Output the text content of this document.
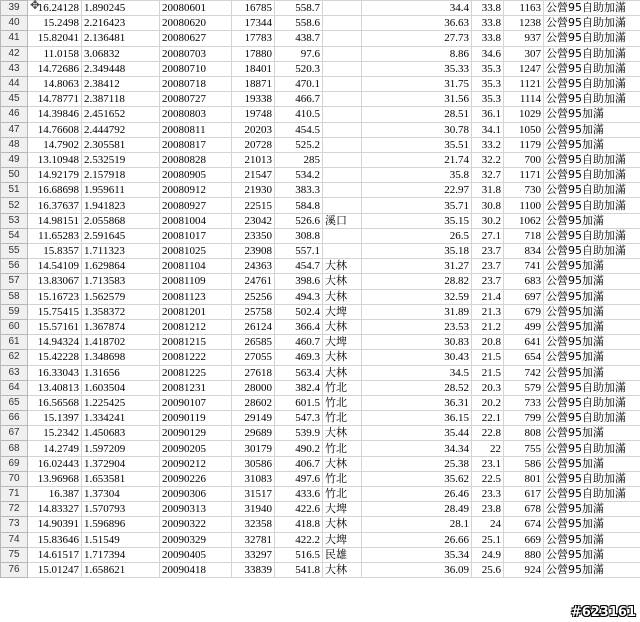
39	16.24128	1.890245	20080601	16785	558.7		34.4	33.8	1163	公營95自助加滿
40	15.2498	2.216423	20080620	17344	558.6		36.63	33.8	1238	公營95自助加滿
41	15.82041	2.136481	20080627	17783	438.7		27.73	33.8	937	公營95自助加滿
42	11.0158	3.06832	20080703	17880	97.6		8.86	34.6	307	公營95自助加滿
43	14.72686	2.349448	20080710	18401	520.3		35.33	35.3	1247	公營95自助加滿
44	14.8063	2.38412	20080718	18871	470.1		31.75	35.3	1121	公營95自助加滿
45	14.78771	2.387118	20080727	19338	466.7		31.56	35.3	1114	公營95自助加滿
46	14.39846	2.451652	20080803	19748	410.5		28.51	36.1	1029	公營95加滿
47	14.76608	2.444792	20080811	20203	454.5		30.78	34.1	1050	公營95加滿
48	14.7902	2.305581	20080817	20728	525.2		35.51	33.2	1179	公營95加滿
49	13.10948	2.532519	20080828	21013	285		21.74	32.2	700	公營95自助加滿
50	14.92179	2.157918	20080905	21547	534.2		35.8	32.7	1171	公營95自助加滿
51	16.68698	1.959611	20080912	21930	383.3		22.97	31.8	730	公營95自助加滿
52	16.37637	1.941823	20080927	22515	584.8		35.71	30.8	1100	公營95自助加滿
53	14.98151	2.055868	20081004	23042	526.6	溪口	35.15	30.2	1062	公營95加滿
54	11.65283	2.591645	20081017	23350	308.8		26.5	27.1	718	公營95自助加滿
55	15.8357	1.711323	20081025	23908	557.1		35.18	23.7	834	公營95自助加滿
56	14.54109	1.629864	20081104	24363	454.7	大林	31.27	23.7	741	公營95加滿
57	13.83067	1.713583	20081109	24761	398.6	大林	28.82	23.7	683	公營95加滿
58	15.16723	1.562579	20081123	25256	494.3	大林	32.59	21.4	697	公營95加滿
59	15.75415	1.358372	20081201	25758	502.4	大埤	31.89	21.3	679	公營95加滿
60	15.57161	1.367874	20081212	26124	366.4	大林	23.53	21.2	499	公營95加滿
61	14.94324	1.418702	20081215	26585	460.7	大埤	30.83	20.8	641	公營95加滿
62	15.42228	1.348698	20081222	27055	469.3	大林	30.43	21.5	654	公營95加滿
63	16.33043	1.31656	20081225	27618	563.4	大林	34.5	21.5	742	公營95加滿
64	13.40813	1.603504	20081231	28000	382.4	竹北	28.52	20.3	579	公營95自助加滿
65	16.56568	1.225425	20090107	28602	601.5	竹北	36.31	20.2	733	公營95自助加滿
66	15.1397	1.334241	20090119	29149	547.3	竹北	36.15	22.1	799	公營95自助加滿
67	15.2342	1.450683	20090129	29689	539.9	大林	35.44	22.8	808	公營95加滿
68	14.2749	1.597209	20090205	30179	490.2	竹北	34.34	22	755	公營95自助加滿
69	16.02443	1.372904	20090212	30586	406.7	大林	25.38	23.1	586	公營95加滿
70	13.96968	1.653581	20090226	31083	497.6	竹北	35.62	22.5	801	公營95自助加滿
71	16.387	1.37304	20090306	31517	433.6	竹北	26.46	23.3	617	公營95自助加滿
72	14.83327	1.570793	20090313	31940	422.6	大埤	28.49	23.8	678	公營95加滿
73	14.90391	1.596896	20090322	32358	418.8	大林	28.1	24	674	公營95加滿
74	15.83646	1.51549	20090329	32781	422.2	大埤	26.66	25.1	669	公營95加滿
75	14.61517	1.717394	20090405	33297	516.5	民雄	35.34	24.9	880	公營95加滿
76	15.01247	1.658621	20090418	33839	541.8	大林	36.09	25.6	924	公營95加滿
✥
#623161
